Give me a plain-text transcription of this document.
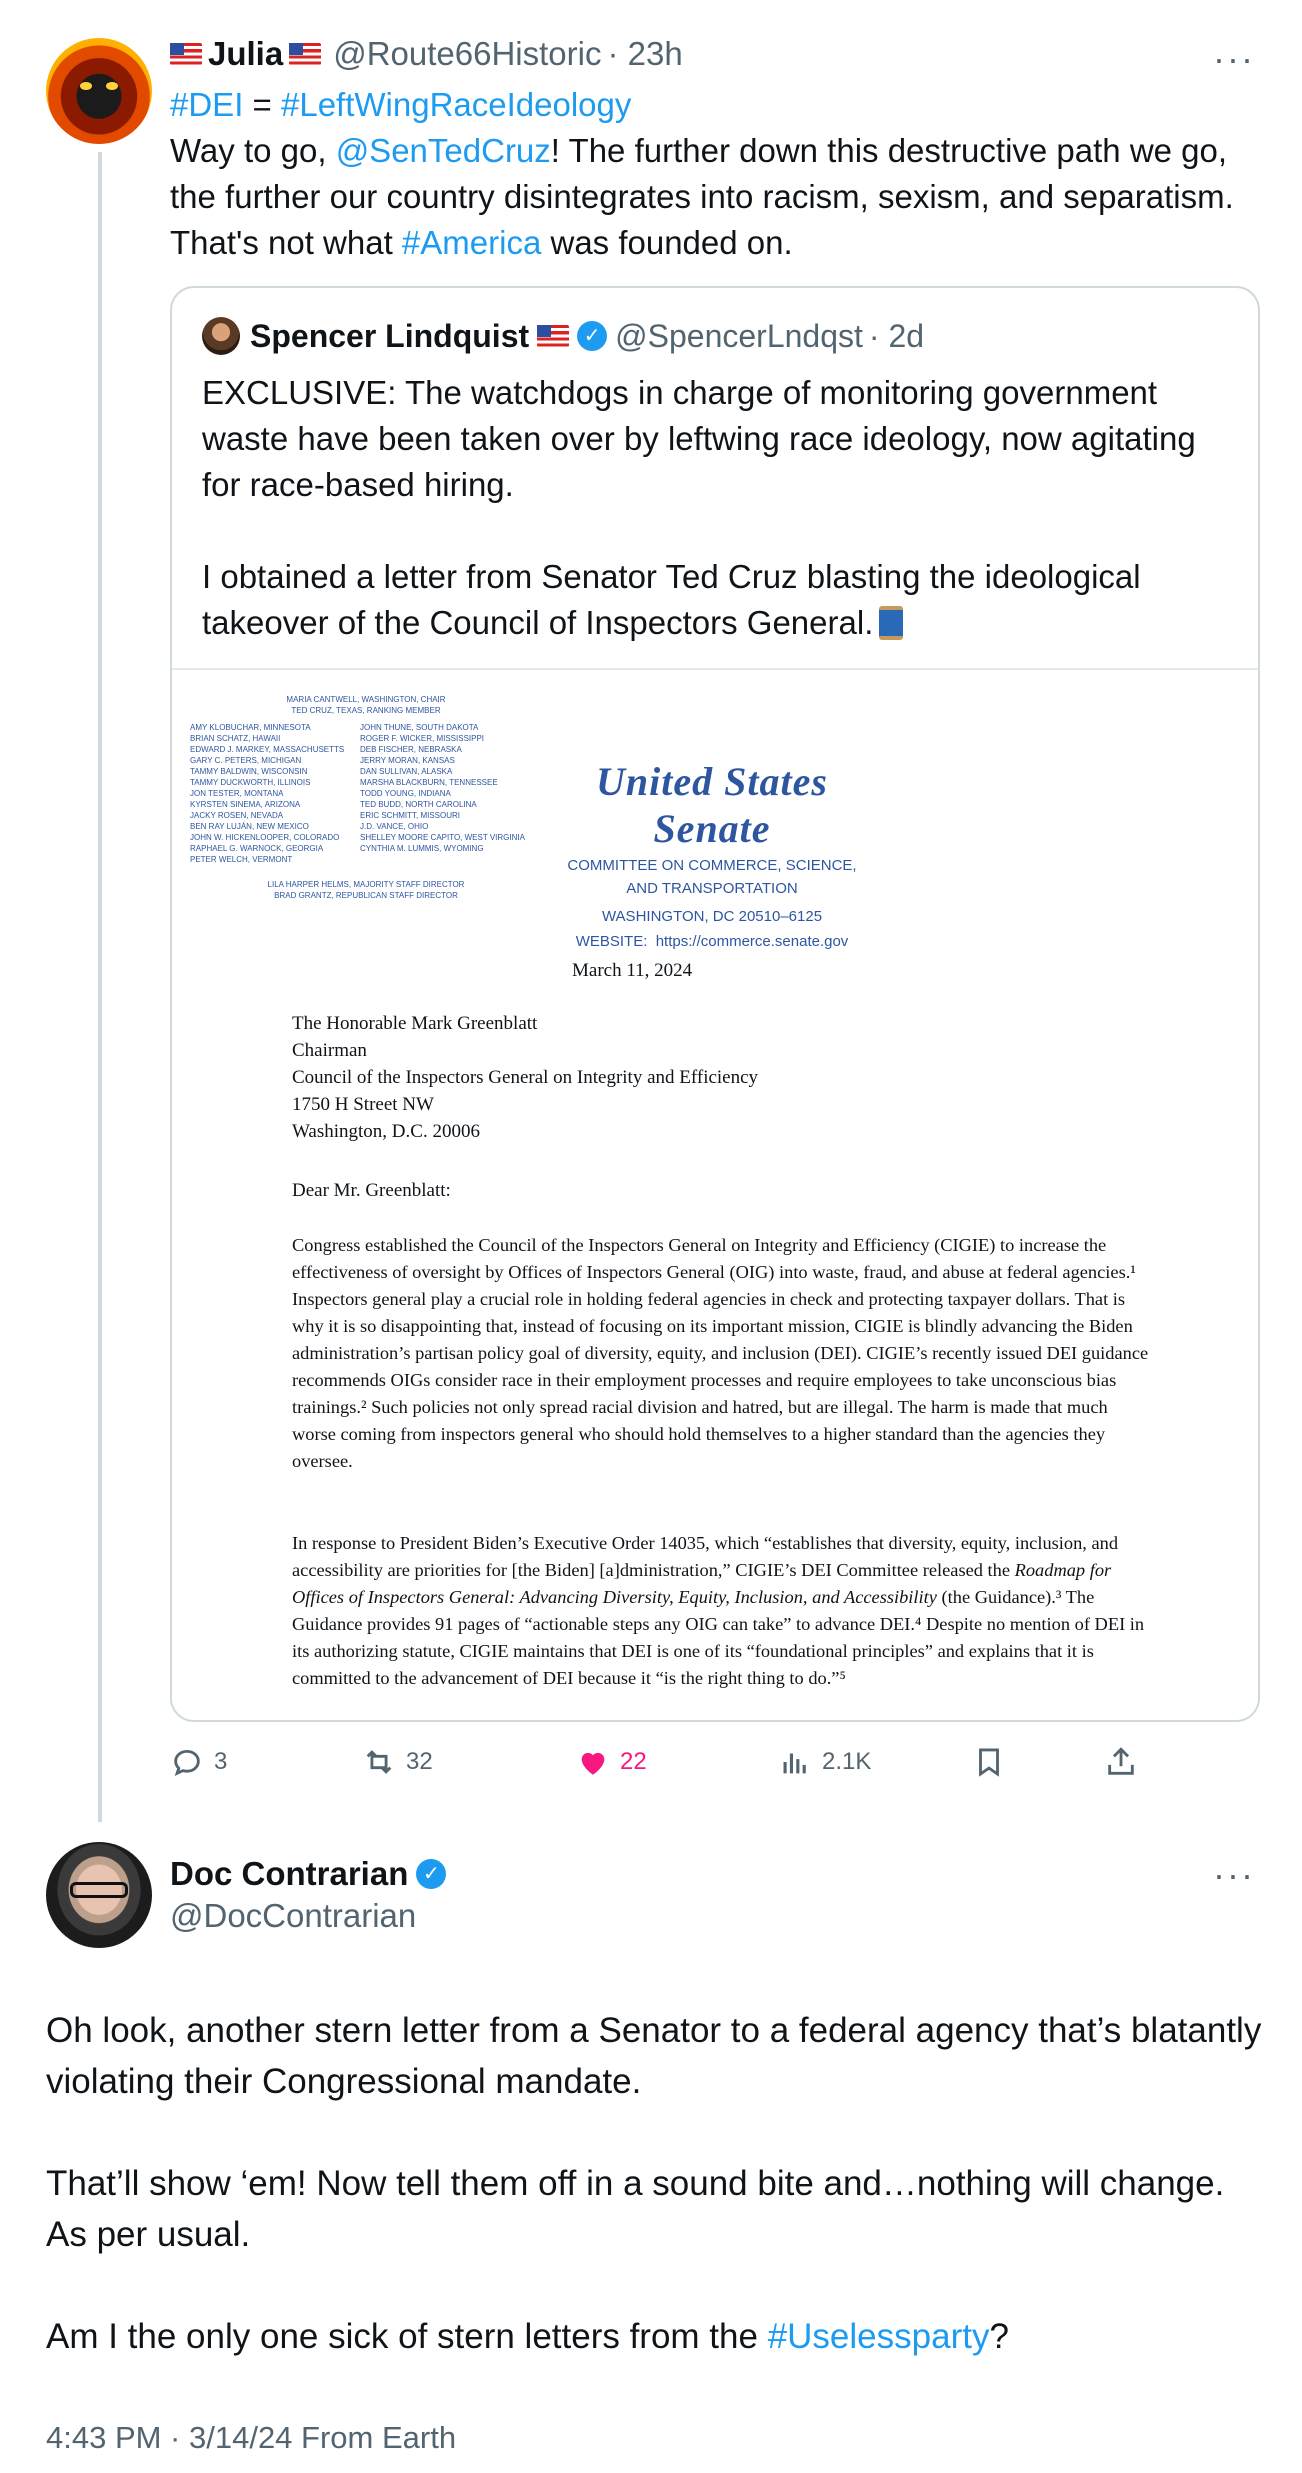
Julia @Route66Historic · 23h	···
#DEI = #LeftWingRaceIdeology
Way to go, @SenTedCruz! The further down this destructive path we go, the further our country disintegrates into racism, sexism, and separatism. That's not what #America was founded on.
Spencer Lindquist	✓ @SpencerLndqst · 2d

EXCLUSIVE: The watchdogs in charge of monitoring government waste have been taken over by leftwing race ideology, now agitating for race-based hiring.

I obtained a letter from Senator Ted Cruz blasting the ideological takeover of the Council of Inspectors General.

MARIA CANTWELL, WASHINGTON, CHAIR
TED CRUZ, TEXAS, RANKING MEMBER
AMY KLOBUCHAR, MINNESOTA
BRIAN SCHATZ, HAWAII
EDWARD J. MARKEY, MASSACHUSETTS
GARY C. PETERS, MICHIGAN
TAMMY BALDWIN, WISCONSIN
TAMMY DUCKWORTH, ILLINOIS
JON TESTER, MONTANA
KYRSTEN SINEMA, ARIZONA
JACKY ROSEN, NEVADA
BEN RAY LUJÁN, NEW MEXICO
JOHN W. HICKENLOOPER, COLORADO
RAPHAEL G. WARNOCK, GEORGIA
PETER WELCH, VERMONT
JOHN THUNE, SOUTH DAKOTA
ROGER F. WICKER, MISSISSIPPI
DEB FISCHER, NEBRASKA
JERRY MORAN, KANSAS
DAN SULLIVAN, ALASKA
MARSHA BLACKBURN, TENNESSEE
TODD YOUNG, INDIANA
TED BUDD, NORTH CAROLINA
ERIC SCHMITT, MISSOURI
J.D. VANCE, OHIO
SHELLEY MOORE CAPITO, WEST VIRGINIA
CYNTHIA M. LUMMIS, WYOMING
LILA HARPER HELMS, MAJORITY STAFF DIRECTOR
BRAD GRANTZ, REPUBLICAN STAFF DIRECTOR
United States Senate
COMMITTEE ON COMMERCE, SCIENCE,
AND TRANSPORTATION
WASHINGTON, DC 20510–6125
WEBSITE: https://commerce.senate.gov
March 11, 2024
The Honorable Mark Greenblatt
Chairman
Council of the Inspectors General on Integrity and Efficiency
1750 H Street NW
Washington, D.C. 20006
Dear Mr. Greenblatt:
Congress established the Council of the Inspectors General on Integrity and Efficiency (CIGIE) to increase the effectiveness of oversight by Offices of Inspectors General (OIG) into waste, fraud, and abuse at federal agencies.¹ Inspectors general play a crucial role in holding federal agencies in check and protecting taxpayer dollars. That is why it is so disappointing that, instead of focusing on its important mission, CIGIE is blindly advancing the Biden administration’s partisan policy goal of diversity, equity, and inclusion (DEI). CIGIE’s recently issued DEI guidance recommends OIGs consider race in their employment processes and require employees to take unconscious bias trainings.² Such policies not only spread racial division and hatred, but are illegal. The harm is made that much worse coming from inspectors general who should hold themselves to a higher standard than the agencies they oversee.
In response to President Biden’s Executive Order 14035, which “establishes that diversity, equity, inclusion, and accessibility are priorities for [the Biden] [a]dministration,” CIGIE’s DEI Committee released the Roadmap for Offices of Inspectors General: Advancing Diversity, Equity, Inclusion, and Accessibility (the Guidance).³ The Guidance provides 91 pages of “actionable steps any OIG can take” to advance DEI.⁴ Despite no mention of DEI in its authorizing statute, CIGIE maintains that DEI is one of its “foundational principles” and explains that it is committed to the advancement of DEI because it “is the right thing to do.”⁵
3	32	22	2.1K
Doc Contrarian ✓
@DocContrarian
···

Oh look, another stern letter from a Senator to a federal agency that’s blatantly violating their Congressional mandate.

That’ll show ‘em! Now tell them off in a sound bite and…nothing will change. As per usual.

Am I the only one sick of stern letters from the #Uselessparty?

4:43 PM · 3/14/24 From Earth
